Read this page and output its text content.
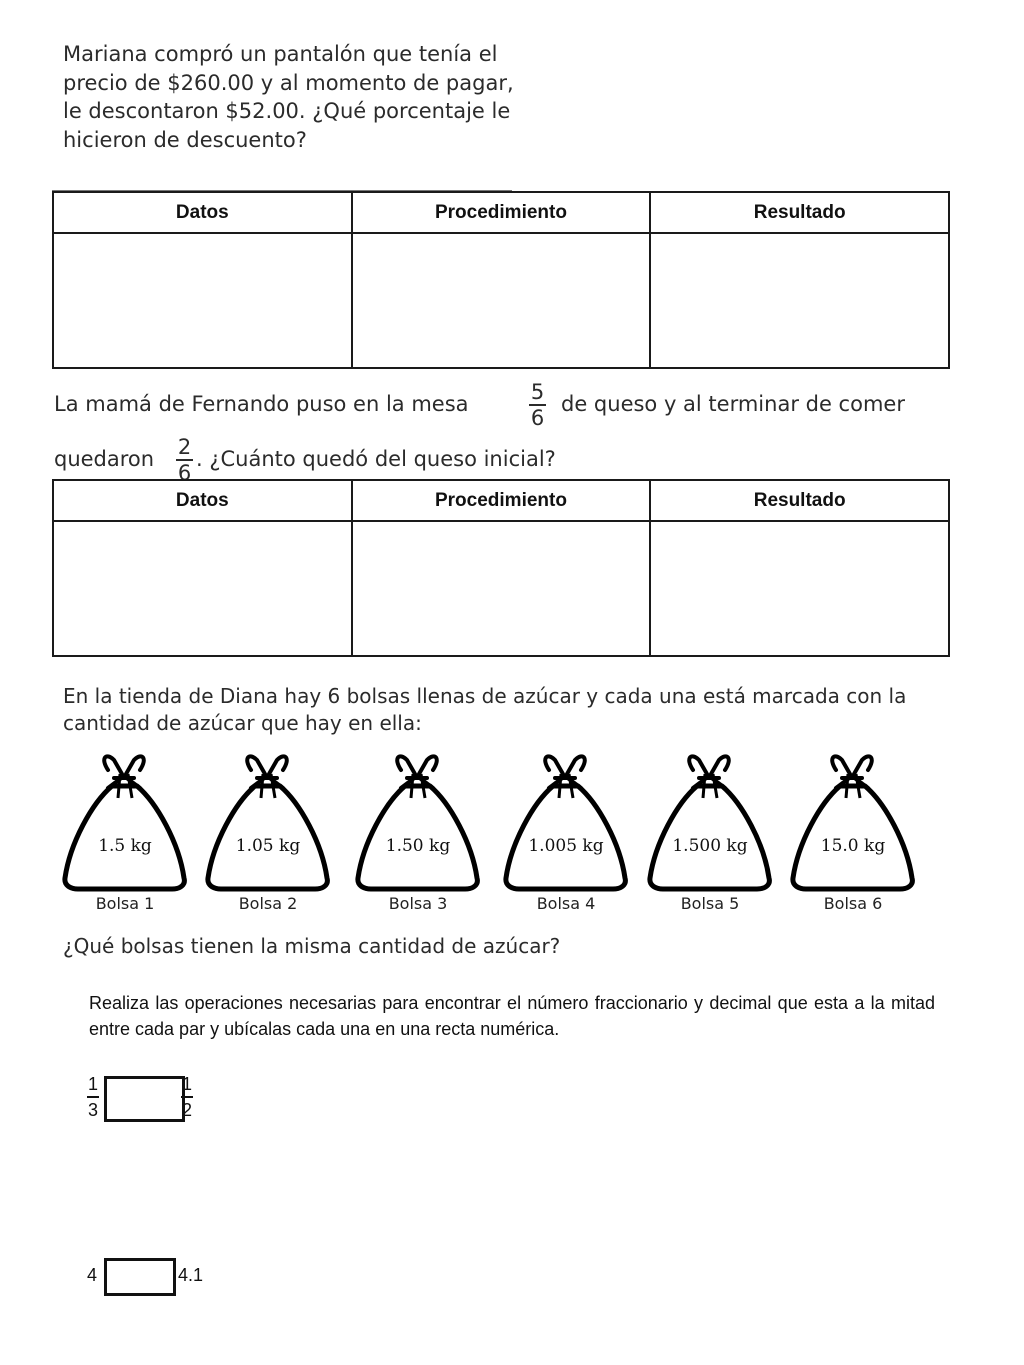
Mariana compró un pantalón que tenía el precio de $260.00 y al momento de pagar, le descontaron $52.00. ¿Qué porcentaje le hicieron de descuento?
Datos	Procedimiento	Resultado

La mamá de Fernando puso en la mesa	5
6
de queso y al terminar de comer
quedaron 2
6
. ¿Cuánto quedó del queso inicial?
Datos	Procedimiento	Resultado

En la tienda de Diana hay 6 bolsas llenas de azúcar y cada una está marcada con la cantidad de azúcar que hay en ella:
1.5 kg
Bolsa 1
1.05 kg
Bolsa 2
1.50 kg
Bolsa 3
1.005 kg
Bolsa 4
1.500 kg
Bolsa 5
15.0 kg
Bolsa 6
¿Qué bolsas tienen la misma cantidad de azúcar?
Realiza las operaciones necesarias para encontrar el número fraccionario y decimal que esta a la mitad entre cada par y ubícalas cada una en una recta numérica.
1
3
1
2
4	4.1
